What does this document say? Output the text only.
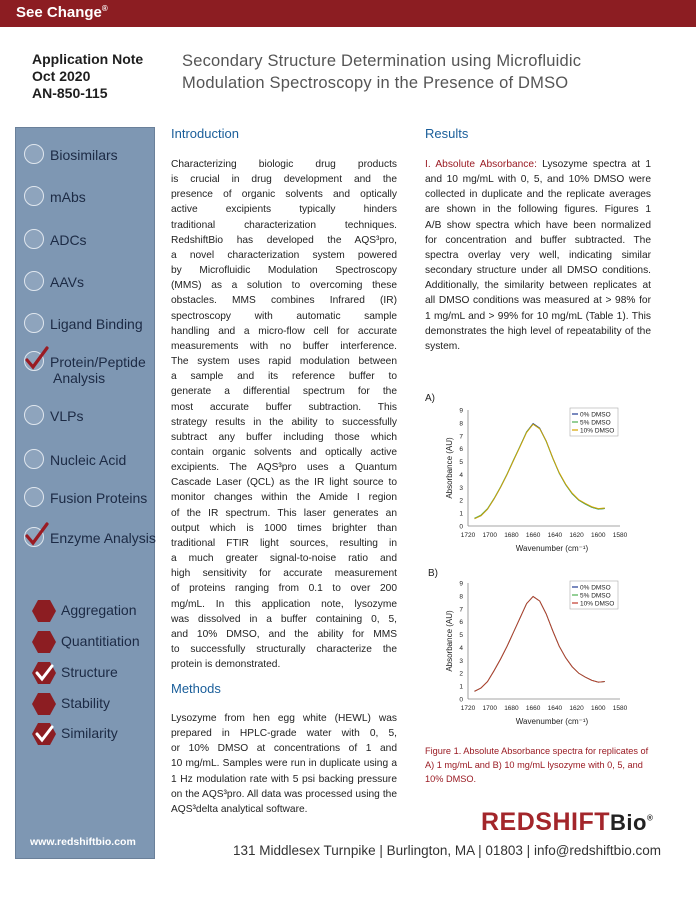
See Change®
Application Note
Oct 2020
AN-850-115
Secondary Structure Determination using Microfluidic
Modulation Spectroscopy in the Presence of DMSO
Biosimilars
mAbs
ADCs
AAVs
Ligand Binding
Protein/Peptide
Analysis
VLPs
Nucleic Acid
Fusion Proteins
Enzyme Analysis
Aggregation
Quantitiation
Structure
Stability
Similarity
www.redshiftbio.com
Introduction
Characterizing biologic drug products
is crucial in drug development and the
presence of organic solvents and optically
active excipients typically hinders
traditional characterization techniques.
RedshiftBio has developed the AQS³pro,
a novel characterization system powered
by Microfluidic Modulation Spectroscopy
(MMS) as a solution to overcoming these
obstacles. MMS combines Infrared (IR)
spectroscopy with automatic sample
handling and a micro-flow cell for accurate
measurements with no buffer interference.
The system uses rapid modulation between
a sample and its reference buffer to
generate a differential spectrum for the
most accurate buffer subtraction. This
strategy results in the ability to successfully
subtract any buffer including those which
contain organic solvents and optically active
excipients. The AQS³pro uses a Quantum
Cascade Laser (QCL) as the IR light source to
monitor changes within the Amide I region
of the IR spectrum. This laser generates an
output which is 1000 times brighter than
traditional FTIR light sources, resulting in
a much greater signal-to-noise ratio and
high sensitivity for accurate measurement
of proteins ranging from 0.1 to over 200
mg/mL. In this application note, lysozyme
was dissolved in a buffer containing 0, 5,
and 10% DMSO, and the ability for MMS
to successfully structurally characterize the
protein is demonstrated.
Methods
Lysozyme from hen egg white (HEWL) was
prepared in HPLC-grade water with 0, 5,
or 10% DMSO at concentrations of 1 and
10 mg/mL. Samples were run in duplicate using a
1 Hz modulation rate with 5 psi backing pressure
on the AQS³pro. All data was processed using the
AQS³delta analytical software.
Results
I. Absolute Absorbance: Lysozyme spectra at 1
and 10 mg/mL with 0, 5, and 10% DMSO were
collected in duplicate and the replicate averages
are shown in the following figures. Figures 1
A/B show spectra which have been normalized
for concentration and buffer subtracted. The
spectra overlay very well, indicating similar
secondary structure under all DMSO conditions.
Additionally, the similarity between replicates at
all DMSO conditions was measured at > 98% for
1 mg/mL and > 99% for 10 mg/mL (Table 1). This
demonstrates the high level of repeatability of the
system.
A)
0
1
2
3
4
5
6
7
8
9
1720 1700 1680 1660 1640 1620 1600 1580
Wavenumber (cm⁻¹)
Absorbance (AU)
0% DMSO
5% DMSO
10% DMSO
B)
0
1
2
3
4
5
6
7
8
9
1720 1700 1680 1660 1640 1620 1600 1580
Wavenumber (cm⁻¹)
Absorbance (AU)
0% DMSO
5% DMSO
10% DMSO
Figure 1. Absolute Absorbance spectra for replicates of
A) 1 mg/mL and B) 10 mg/mL lysozyme with 0, 5, and
10% DMSO.
REDSHIFTBio®
131 Middlesex Turnpike | Burlington, MA | 01803 | info@redshiftbio.com
